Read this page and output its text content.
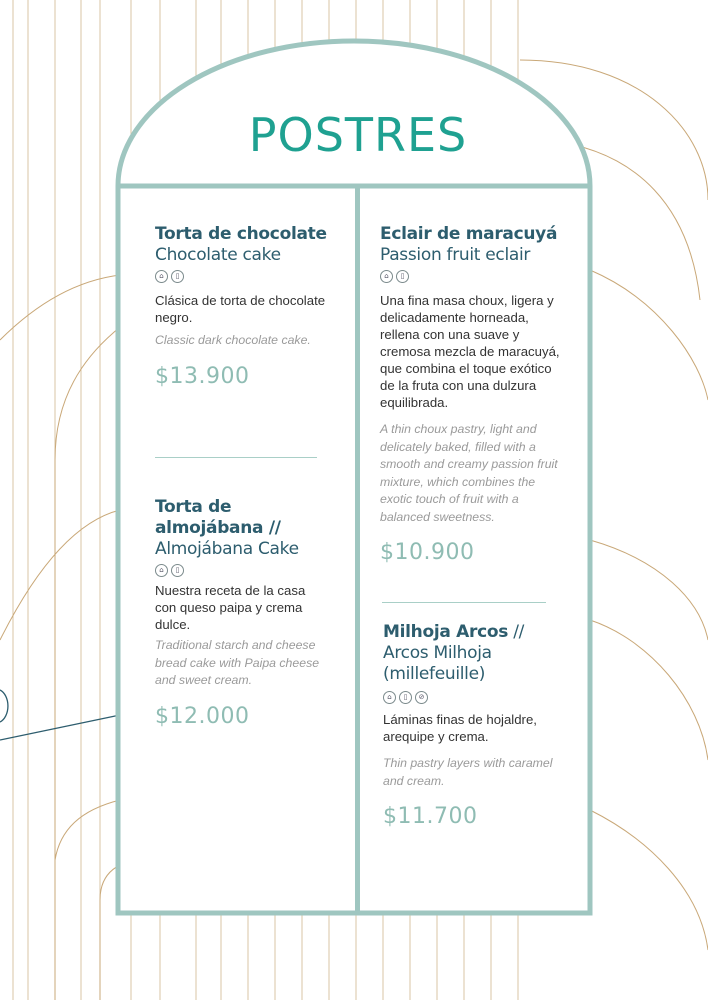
POSTRES
Torta de chocolate
Chocolate cake
⌂	▯
Clásica de torta de chocolate negro.
Classic dark chocolate cake.
$13.900
Torta de almojábana //
Almojábana Cake
⌂	▯
Nuestra receta de la casa con queso paipa y crema dulce.
Traditional starch and cheese bread cake with Paipa cheese and sweet cream.
$12.000
Eclair de maracuyá
Passion fruit eclair
⌂	▯
Una fina masa choux, ligera y delicadamente horneada, rellena con una suave y cremosa mezcla de maracuyá, que combina el toque exótico de la fruta con una dulzura equilibrada.
A thin choux pastry, light and delicately baked, filled with a smooth and creamy passion fruit mixture, which combines the exotic touch of fruit with a balanced sweetness.
$10.900
Milhoja Arcos // Arcos Milhoja (millefeuille)
⌂	▯	⊘
Láminas finas de hojaldre, arequipe y crema.
Thin pastry layers with caramel and cream.
$11.700
